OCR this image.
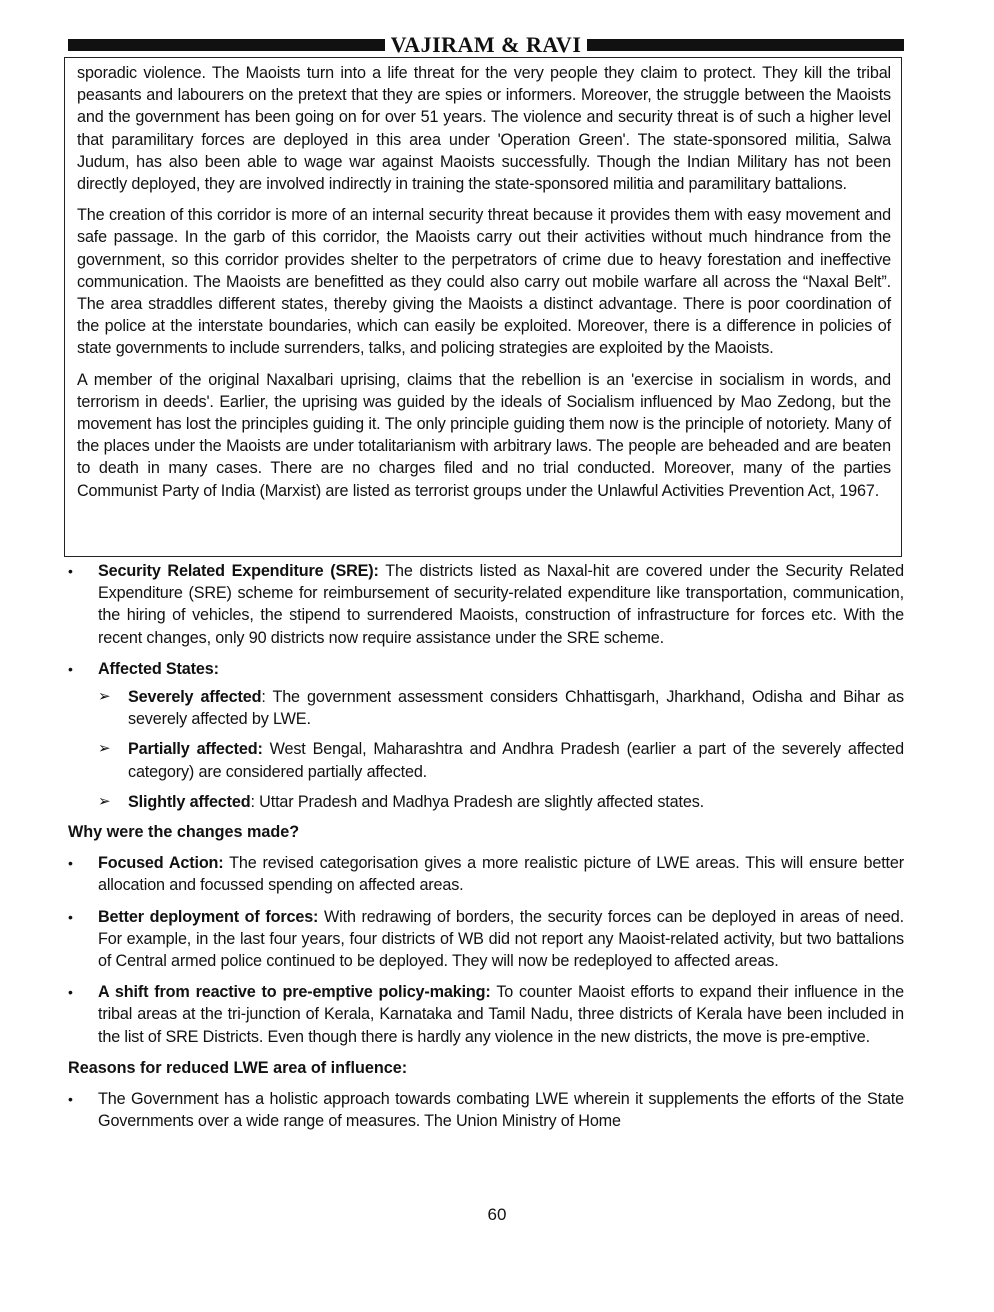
VAJIRAM & RAVI

sporadic violence. The Maoists turn into a life threat for the very people they claim to protect. They kill the tribal peasants and labourers on the pretext that they are spies or informers. Moreover, the struggle between the Maoists and the government has been going on for over 51 years. The violence and security threat is of such a higher level that paramilitary forces are deployed in this area under 'Operation Green'. The state-sponsored militia, Salwa Judum, has also been able to wage war against Maoists successfully. Though the Indian Military has not been directly deployed, they are involved indirectly in training the state-sponsored militia and paramilitary battalions.

The creation of this corridor is more of an internal security threat because it provides them with easy movement and safe passage. In the garb of this corridor, the Maoists carry out their activities without much hindrance from the government, so this corridor provides shelter to the perpetrators of crime due to heavy forestation and ineffective communication. The Maoists are benefitted as they could also carry out mobile warfare all across the “Naxal Belt”. The area straddles different states, thereby giving the Maoists a distinct advantage. There is poor coordination of the police at the interstate boundaries, which can easily be exploited. Moreover, there is a difference in policies of state governments to include surrenders, talks, and policing strategies are exploited by the Maoists.

A member of the original Naxalbari uprising, claims that the rebellion is an 'exercise in socialism in words, and terrorism in deeds'. Earlier, the uprising was guided by the ideals of Socialism influenced by Mao Zedong, but the movement has lost the principles guiding it. The only principle guiding them now is the principle of notoriety. Many of the places under the Maoists are under totalitarianism with arbitrary laws. The people are beheaded and are beaten to death in many cases. There are no charges filed and no trial conducted. Moreover, many of the parties Communist Party of India (Marxist) are listed as terrorist groups under the Unlawful Activities Prevention Act, 1967.

• Security Related Expenditure (SRE): The districts listed as Naxal-hit are covered under the Security Related Expenditure (SRE) scheme for reimbursement of security-related expenditure like transportation, communication, the hiring of vehicles, the stipend to surrendered Maoists, construction of infrastructure for forces etc. With the recent changes, only 90 districts now require assistance under the SRE scheme.
• Affected States:
➢ Severely affected: The government assessment considers Chhattisgarh, Jharkhand, Odisha and Bihar as severely affected by LWE.
➢ Partially affected: West Bengal, Maharashtra and Andhra Pradesh (earlier a part of the severely affected category) are considered partially affected.
➢ Slightly affected: Uttar Pradesh and Madhya Pradesh are slightly affected states.
Why were the changes made?
• Focused Action: The revised categorisation gives a more realistic picture of LWE areas. This will ensure better allocation and focussed spending on affected areas.
• Better deployment of forces: With redrawing of borders, the security forces can be deployed in areas of need. For example, in the last four years, four districts of WB did not report any Maoist-related activity, but two battalions of Central armed police continued to be deployed. They will now be redeployed to affected areas.
• A shift from reactive to pre-emptive policy-making: To counter Maoist efforts to expand their influence in the tribal areas at the tri-junction of Kerala, Karnataka and Tamil Nadu, three districts of Kerala have been included in the list of SRE Districts. Even though there is hardly any violence in the new districts, the move is pre-emptive.
Reasons for reduced LWE area of influence:
• The Government has a holistic approach towards combating LWE wherein it supplements the efforts of the State Governments over a wide range of measures. The Union Ministry of Home
60
